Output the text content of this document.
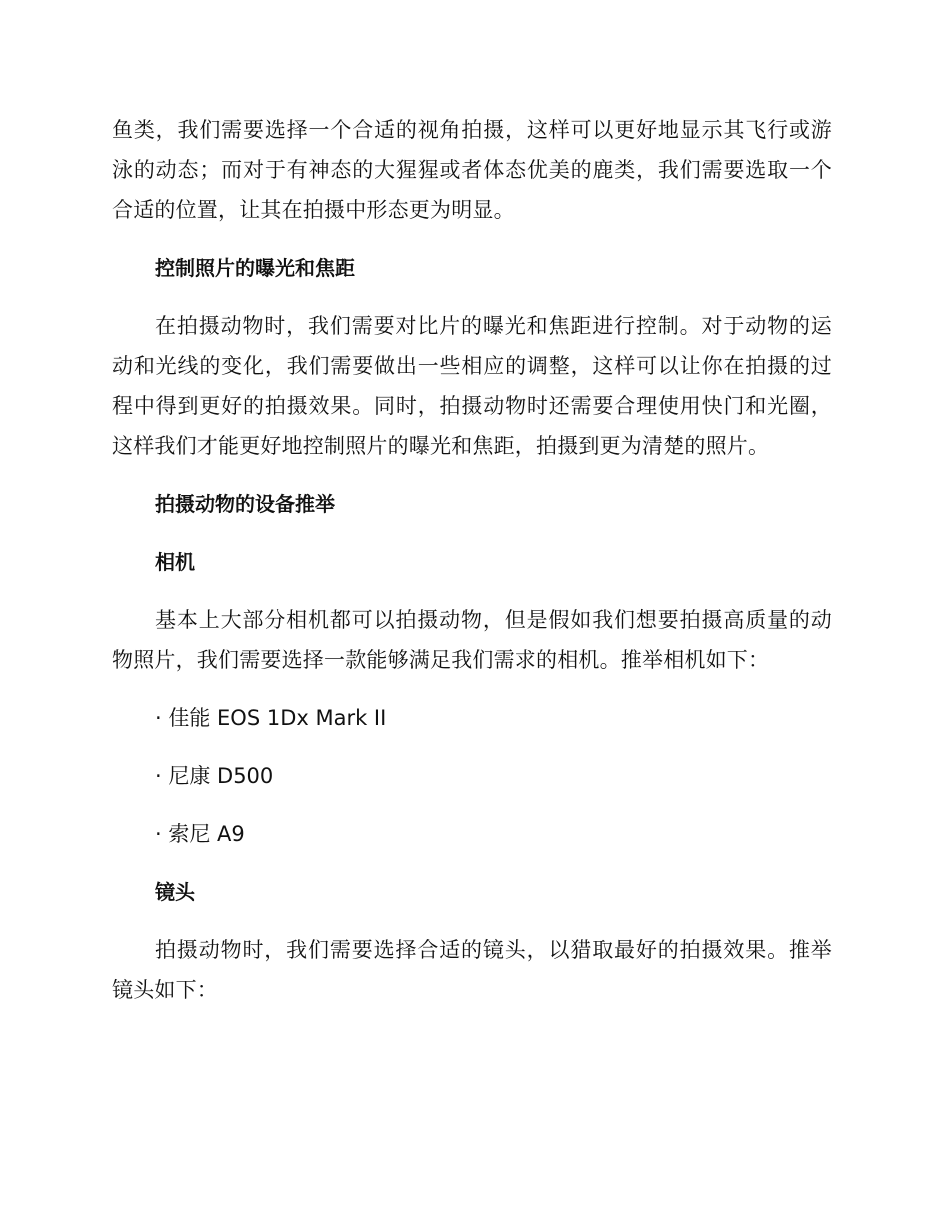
鱼类，我们需要选择一个合适的视角拍摄，这样可以更好地显示其飞行或游泳的动态；而对于有神态的大猩猩或者体态优美的鹿类，我们需要选取一个合适的位置，让其在拍摄中形态更为明显。

控制照片的曝光和焦距

在拍摄动物时，我们需要对比片的曝光和焦距进行控制。对于动物的运动和光线的变化，我们需要做出一些相应的调整，这样可以让你在拍摄的过程中得到更好的拍摄效果。同时，拍摄动物时还需要合理使用快门和光圈，这样我们才能更好地控制照片的曝光和焦距，拍摄到更为清楚的照片。

拍摄动物的设备推举
相机

基本上大部分相机都可以拍摄动物，但是假如我们想要拍摄高质量的动物照片，我们需要选择一款能够满足我们需求的相机。推举相机如下：

· 佳能 EOS 1Dx Mark II
· 尼康 D500
· 索尼 A9
镜头

拍摄动物时，我们需要选择合适的镜头，以猎取最好的拍摄效果。推举镜头如下：
